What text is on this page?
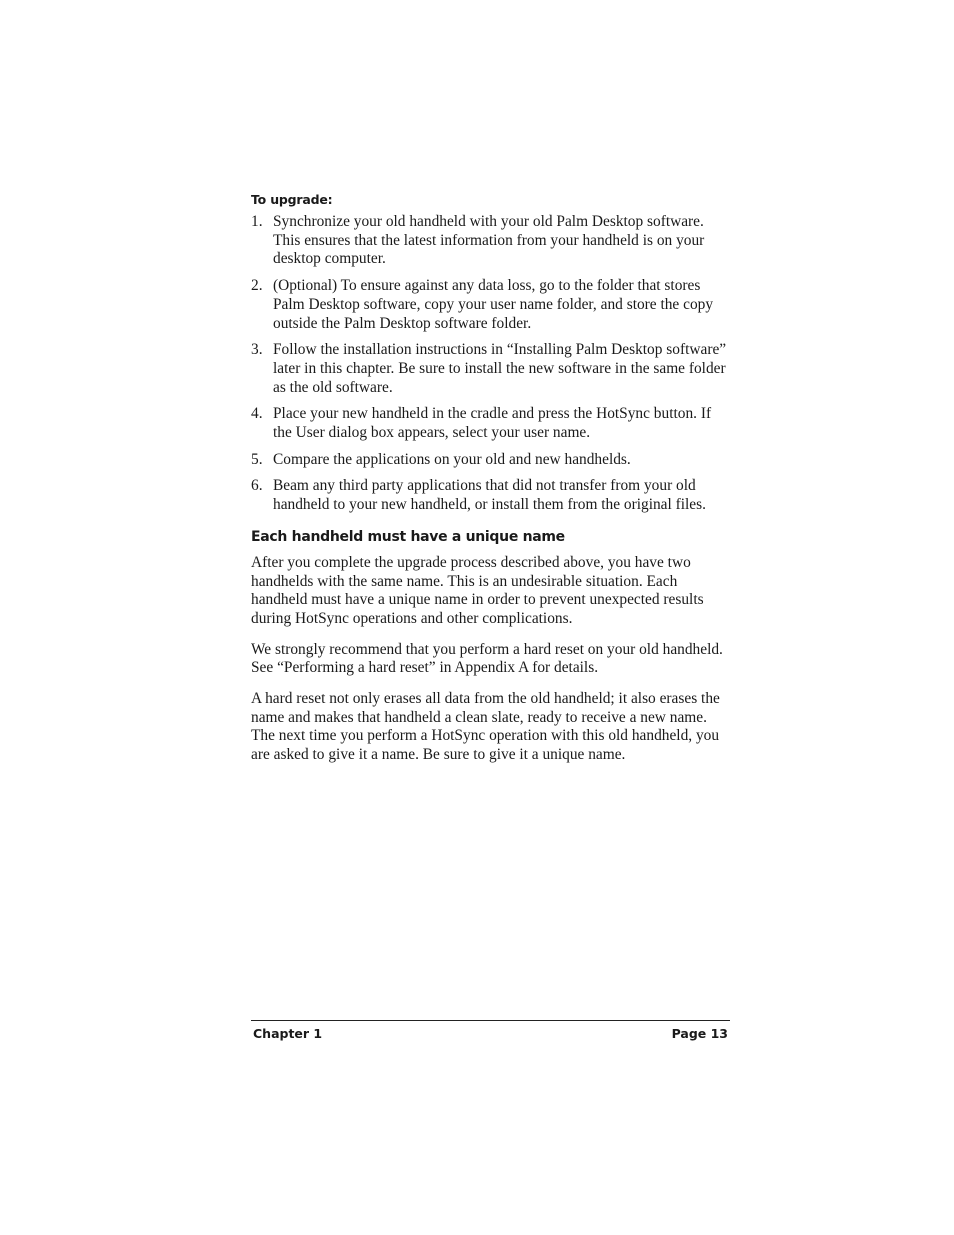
To upgrade:
1. Synchronize your old handheld with your old Palm Desktop software. This ensures that the latest information from your handheld is on your desktop computer.
2. (Optional) To ensure against any data loss, go to the folder that stores Palm Desktop software, copy your user name folder, and store the copy outside the Palm Desktop software folder.
3. Follow the installation instructions in “Installing Palm Desktop software” later in this chapter. Be sure to install the new software in the same folder as the old software.
4. Place your new handheld in the cradle and press the HotSync button. If the User dialog box appears, select your user name.
5. Compare the applications on your old and new handhelds.
6. Beam any third party applications that did not transfer from your old handheld to your new handheld, or install them from the original files.
Each handheld must have a unique name

After you complete the upgrade process described above, you have two handhelds with the same name. This is an undesirable situation. Each handheld must have a unique name in order to prevent unexpected results during HotSync operations and other complications.

We strongly recommend that you perform a hard reset on your old handheld. See “Performing a hard reset” in Appendix A for details.

A hard reset not only erases all data from the old handheld; it also erases the name and makes that handheld a clean slate, ready to receive a new name. The next time you perform a HotSync operation with this old handheld, you are asked to give it a name. Be sure to give it a unique name.

Chapter 1	Page 13
